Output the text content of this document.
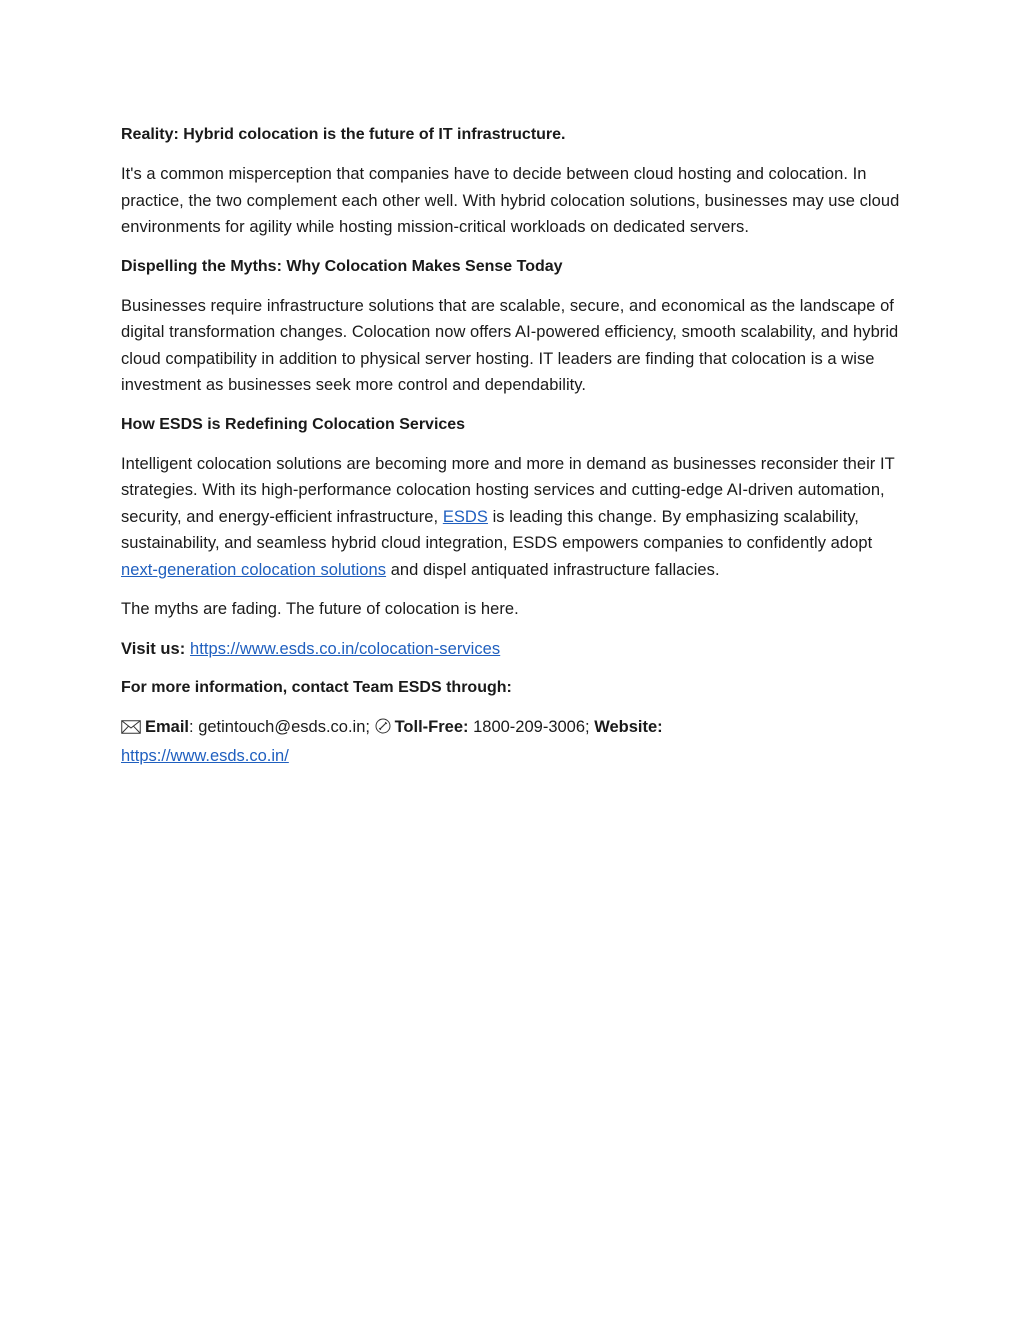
Reality: Hybrid colocation is the future of IT infrastructure.

It's a common misperception that companies have to decide between cloud hosting and colocation. In practice, the two complement each other well. With hybrid colocation solutions, businesses may use cloud environments for agility while hosting mission-critical workloads on dedicated servers.

Dispelling the Myths: Why Colocation Makes Sense Today

Businesses require infrastructure solutions that are scalable, secure, and economical as the landscape of digital transformation changes. Colocation now offers AI-powered efficiency, smooth scalability, and hybrid cloud compatibility in addition to physical server hosting. IT leaders are finding that colocation is a wise investment as businesses seek more control and dependability.

How ESDS is Redefining Colocation Services

Intelligent colocation solutions are becoming more and more in demand as businesses reconsider their IT strategies. With its high-performance colocation hosting services and cutting-edge AI-driven automation, security, and energy-efficient infrastructure, ESDS is leading this change. By emphasizing scalability, sustainability, and seamless hybrid cloud integration, ESDS empowers companies to confidently adopt next-generation colocation solutions and dispel antiquated infrastructure fallacies.

The myths are fading. The future of colocation is here.

Visit us: https://www.esds.co.in/colocation-services

For more information, contact Team ESDS through:

Email: getintouch@esds.co.in; Toll-Free: 1800-209-3006; Website:
https://www.esds.co.in/
